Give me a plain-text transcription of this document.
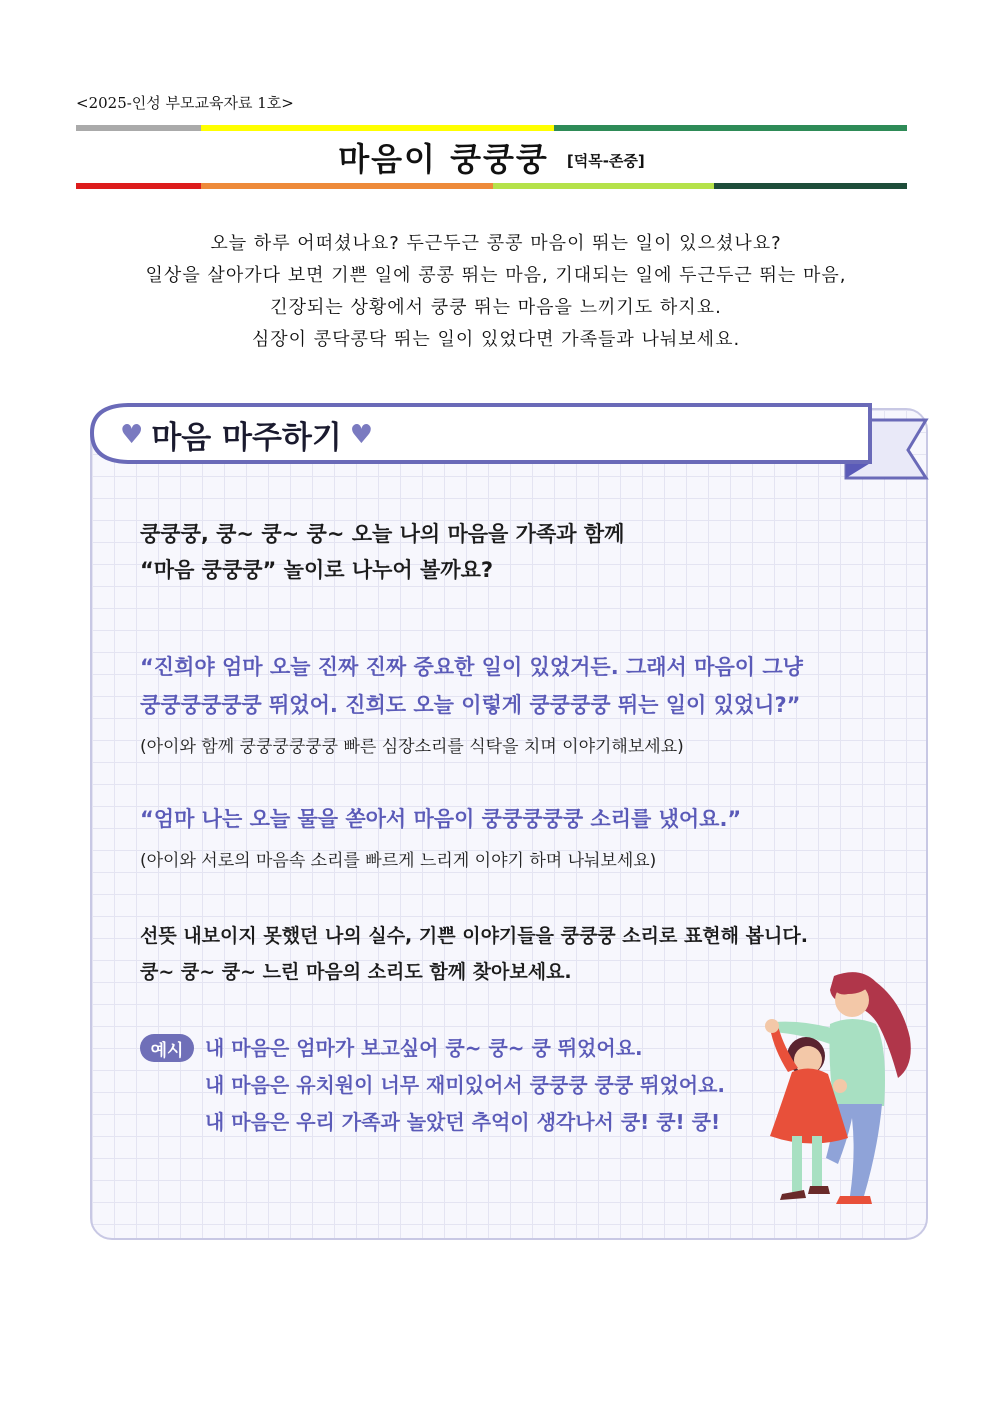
<2025-인성 부모교육자료 1호>
마음이 쿵쿵쿵 [덕목-존중]
오늘 하루 어떠셨나요? 두근두근 콩콩 마음이 뛰는 일이 있으셨나요?
일상을 살아가다 보면 기쁜 일에 콩콩 뛰는 마음, 기대되는 일에 두근두근 뛰는 마음,
긴장되는 상황에서 쿵쿵 뛰는 마음을 느끼기도 하지요.
심장이 콩닥콩닥 뛰는 일이 있었다면 가족들과 나눠보세요.
♥ 마음 마주하기 ♥
쿵쿵쿵, 쿵~ 쿵~ 쿵~ 오늘 나의 마음을 가족과 함께
“마음 쿵쿵쿵” 놀이로 나누어 볼까요?
“진희야 엄마 오늘 진짜 진짜 중요한 일이 있었거든. 그래서 마음이 그냥
쿵쿵쿵쿵쿵쿵 뛰었어. 진희도 오늘 이렇게 쿵쿵쿵쿵 뛰는 일이 있었니?”
(아이와 함께 쿵쿵쿵쿵쿵쿵 빠른 심장소리를 식탁을 치며 이야기해보세요)
“엄마 나는 오늘 물을 쏟아서 마음이 쿵쿵쿵쿵쿵 소리를 냈어요.”
(아이와 서로의 마음속 소리를 빠르게 느리게 이야기 하며 나눠보세요)
선뜻 내보이지 못했던 나의 실수, 기쁜 이야기들을 쿵쿵쿵 소리로 표현해 봅니다.
쿵~ 쿵~ 쿵~ 느린 마음의 소리도 함께 찾아보세요.
예시	내 마음은 엄마가 보고싶어 쿵~ 쿵~ 쿵 뛰었어요.
내 마음은 유치원이 너무 재미있어서 쿵쿵쿵 쿵쿵 뛰었어요.
내 마음은 우리 가족과 놀았던 추억이 생각나서 쿵! 쿵! 쿵!
